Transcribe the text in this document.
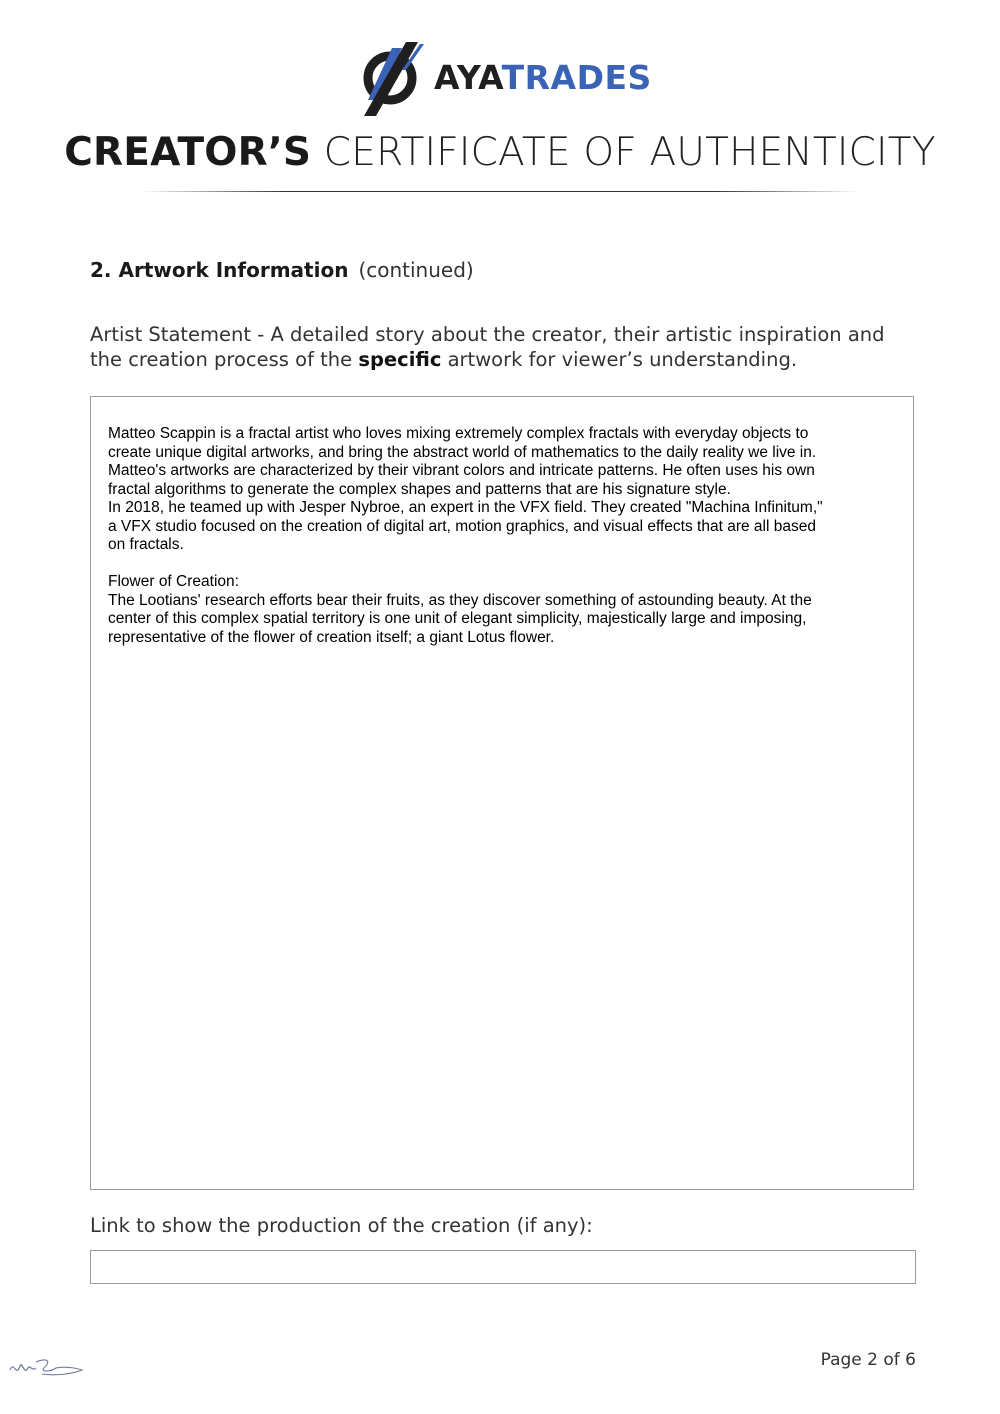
AYATRADES
CREATOR’S CERTIFICATE OF AUTHENTICITY
2. Artwork Information (continued)
Artist Statement - A detailed story about the creator, their artistic inspiration and the creation process of the specific artwork for viewer’s understanding.
Matteo Scappin is a fractal artist who loves mixing extremely complex fractals with everyday objects to
create unique digital artworks, and bring the abstract world of mathematics to the daily reality we live in.
Matteo's artworks are characterized by their vibrant colors and intricate patterns. He often uses his own
fractal algorithms to generate the complex shapes and patterns that are his signature style.
In 2018, he teamed up with Jesper Nybroe, an expert in the VFX field. They created "Machina Infinitum,"
a VFX studio focused on the creation of digital art, motion graphics, and visual effects that are all based
on fractals.

Flower of Creation:
The Lootians' research efforts bear their fruits, as they discover something of astounding beauty. At the
center of this complex spatial territory is one unit of elegant simplicity, majestically large and imposing,
representative of the flower of creation itself; a giant Lotus flower.
Link to show the production of the creation (if any):
Page 2 of 6
